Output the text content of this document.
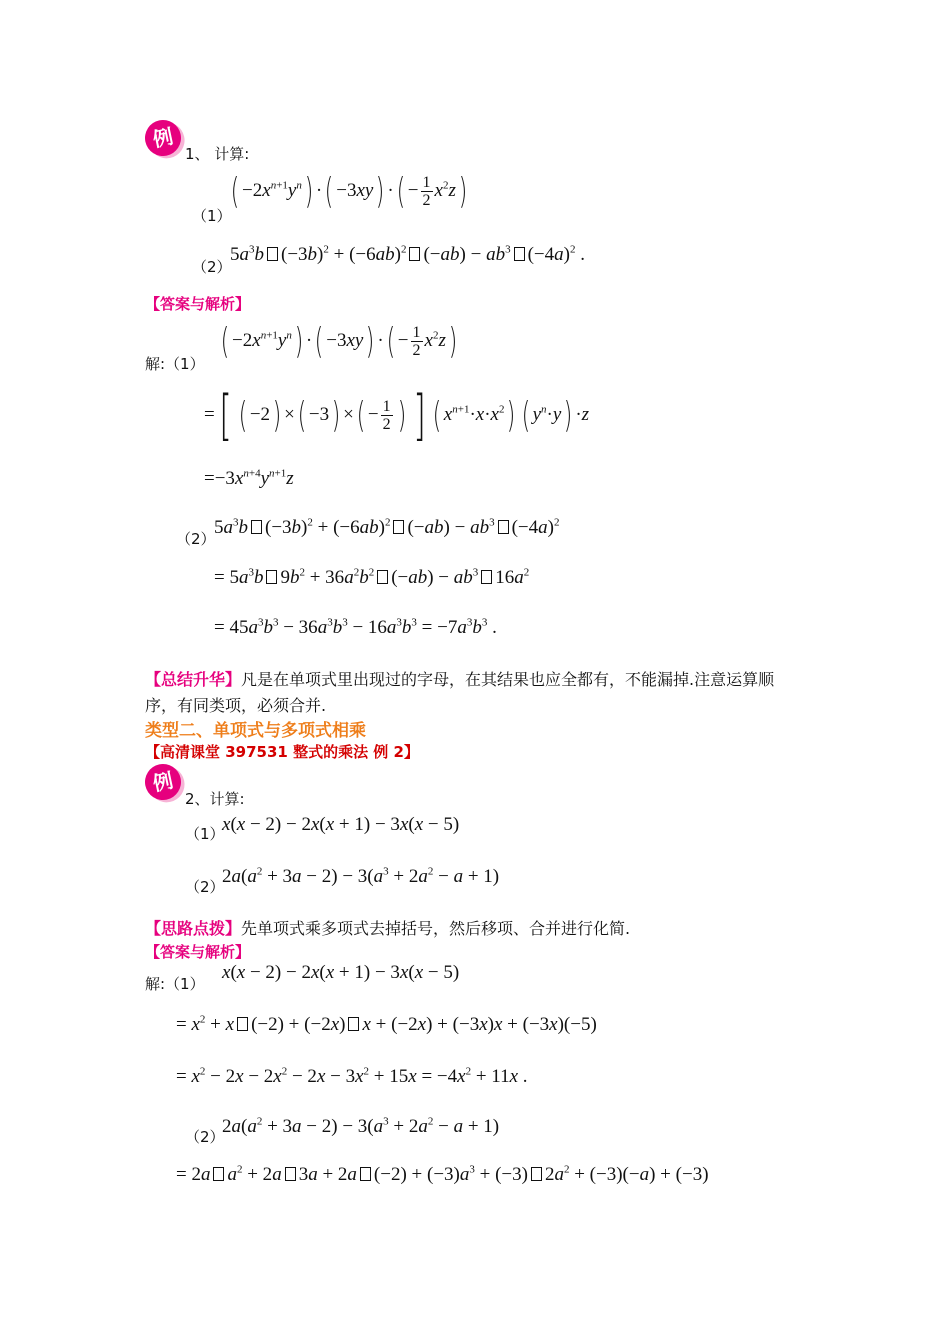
例
1、 计算:
（1）
( $-2x^{n+1}y^n$) ·( −3xy) ·( − $\frac{1}{2} x^2z$)
（2）
$5a^3b$ $(-3b)^2 + (-6ab)^2$ $(-ab) - ab^3$ $(-4a)^2$ .
【答案与解析】
( $-2x^{n+1}y^n$) ·( −3xy) ·( − $\frac{1}{2} x^2z$)
解:（1）
=[ ( −2) ×( −3) ×( − $\frac{1}{2}$ ) ] ( $x^{n+1}\cdot x\cdot x^2$) ( $y^n\cdot y) \cdot z$
$=-3x^{n+4}y^{n+1}z$
（2）
$5a^3b$ $(-3b)^2 + (-6ab)^2$ $(-ab) - ab^3$ $(-4a)^2$
= $5a^3b$ $9b^2 + 36a^2b^2$ $(-ab) - ab^3$ $16a^2$
= $45a^3b^3 - 36a^3b^3 - 16a^3b^3 = -7a^3b^3$ .
【总结升华】凡是在单项式里出现过的字母，在其结果也应全都有，不能漏掉.注意运算顺
序，有同类项，必须合并.
类型二、单项式与多项式相乘
【高清课堂 397531 整式的乘法 例 2】
例
2、计算:
（1）
x(x − 2) − 2x(x + 1) − 3x(x − 5)
（2）
$2a(a^2 + 3a - 2) - 3(a^3 + 2a^2 - a + 1)$
【思路点拨】先单项式乘多项式去掉括号，然后移项、合并进行化简.
【答案与解析】
解:（1）
x(x − 2) − 2x(x + 1) − 3x(x − 5)
= $x^2 + x$ (−2) + (−2x) x + (−2x) + (−3x)x + (−3x)(−5)
= $x^2 - 2x - 2x^2 - 2x - 3x^2 + 15x = -4x^2 + 11x$ .
（2）
$2a(a^2 + 3a - 2) - 3(a^3 + 2a^2 - a + 1)$
= 2a $a^2 + 2a$ 3a + 2a $(-2) + (-3)a^3 + (-3) 2a^2 + (-3)(-a) + (-3)$
